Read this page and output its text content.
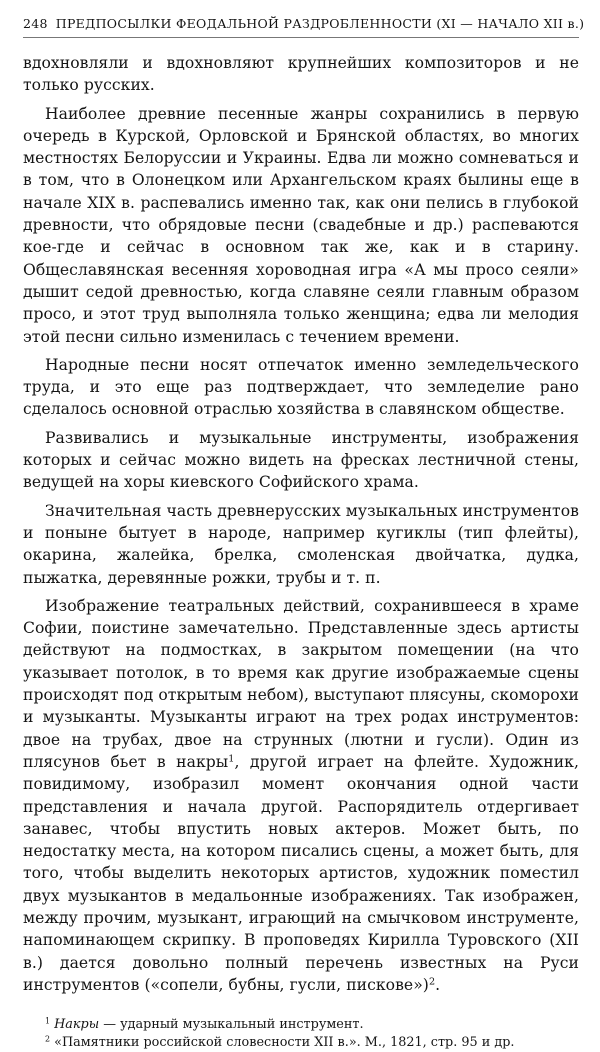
248 ПРЕДПОСЫЛКИ ФЕОДАЛЬНОЙ РАЗДРОБЛЕННОСТИ (XI — НАЧАЛО XII в.)

вдохновляли и вдохновляют крупнейших композиторов и не только русских.

Наиболее древние песенные жанры сохранились в первую очередь в Курской, Орловской и Брянской областях, во многих местностях Белоруссии и Украины. Едва ли можно сомневаться и в том, что в Олонецком или Архангельском краях былины еще в начале XIX в. распевались именно так, как они пелись в глубокой древности, что обрядовые песни (свадебные и др.) распеваются кое-где и сейчас в основном так же, как и в старину. Общеславянская весенняя хороводная игра «А мы просо сеяли» дышит седой древностью, когда славяне сеяли главным образом просо, и этот труд выполняла только женщина; едва ли мелодия этой песни сильно изменилась с течением времени.

Народные песни носят отпечаток именно земледельческого труда, и это еще раз подтверждает, что земледелие рано сделалось основной отраслью хозяйства в славянском обществе.

Развивались и музыкальные инструменты, изображения которых и сейчас можно видеть на фресках лестничной стены, ведущей на хоры киевского Софийского храма.

Значительная часть древнерусских музыкальных инструментов и поныне бытует в народе, например кугиклы (тип флейты), окарина, жалейка, брелка, смоленская двойчатка, дудка, пыжатка, деревянные рожки, трубы и т. п.

Изображение театральных действий, сохранившееся в храме Софии, поистине замечательно. Представленные здесь артисты действуют на подмостках, в закрытом помещении (на что указывает потолок, в то время как другие изображаемые сцены происходят под открытым небом), выступают плясуны, скоморохи и музыканты. Музыканты играют на трех родах инструментов: двое на трубах, двое на струнных (лютни и гусли). Один из плясунов бьет в накры$^1$, другой играет на флейте. Художник, повидимому, изобразил момент окончания одной части представления и начала другой. Распорядитель отдергивает занавес, чтобы впустить новых актеров. Может быть, по недостатку места, на котором писались сцены, а может быть, для того, чтобы выделить некоторых артистов, художник поместил двух музыкантов в медальонные изображениях. Так изображен, между прочим, музыкант, играющий на смычковом инструменте, напоминающем скрипку. В проповедях Кирилла Туровского (XII в.) дается довольно полный перечень известных на Руси инструментов («сопели, бубны, гусли, пискове»)$^2$.

$^1$ Накры — ударный музыкальный инструмент.
$^2$ «Памятники российской словесности XII в.». М., 1821, стр. 95 и др.
